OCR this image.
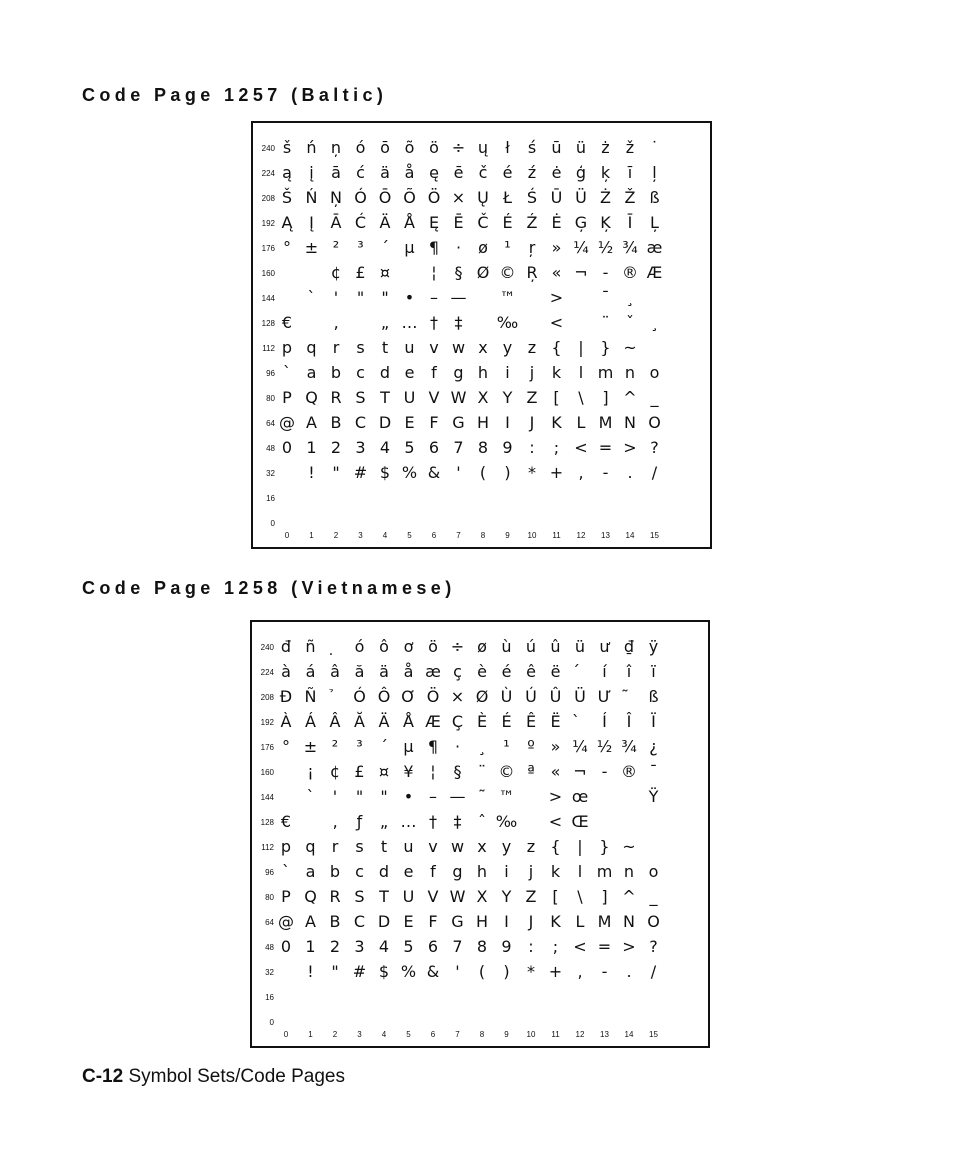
Code Page 1257 (Baltic)
240 š ń ņ ó ō õ ö ÷ ų	ł	ś ū ü ż	ž	˙
224 ą	į	ā ć ä å ę ē č é ź ė ģ ķ	ī	ļ
208 Š Ń Ņ Ó Ō Õ Ö × Ų Ł Ś Ū Ü Ż Ž ß
192 Ą	Į	Ā Ć Ä Å Ę Ē Č É Ź Ė Ģ Ķ	Ī	Ļ
176 ° ± ²	³	´ µ ¶	·	ø	¹	ŗ	» ¼ ½ ¾ æ
160	¢ £ ¤	¦	§ Ø © Ŗ « ¬ - ® Æ
144	`	'	"	"	• – — ™	>	¯	¸
128 €	‚	„ … †	‡	‰	<	¨	ˇ	¸
112 p q	r	s	t	u v w x y z {	|	} ~
96 ` a b c d e	f	g h	i	j	k	l m n o
80 P Q R S T U V W X Y Z [	\	] ^ _
64 @ A B C D E F G H	I	J	K L M N O
48 0 1 2 3 4 5 6 7 8 9	:	; < = > ?
32	!	" # $ % &	'	(	)	* + ,	-	.	/
16
0
0	1	2	3	4	5	6	7	8	9	10	11	12	13	14	15
Code Page 1258 (Vietnamese)
240 đ ñ	ó ô ơ ö ÷ ø ù ú û ü ư ₫ ÿ
224 à á â ă ä å æ ç è é ê ë	í	î	ï
208 Đ Ñ	Ó Ô Ơ Ö × Ø Ù Ú Û Ü Ư	ß
192 À Á Â Ă Ä Å Æ Ç È É Ê Ë	Í	Î	Ï
176 ° ± ²	³	´ µ ¶	·	¸	¹	º » ¼ ½ ¾ ¿
160	¡	¢ £ ¤ ¥	¦	§	¨ © ª « ¬ - ® ¯
144	`	'	"	"	• – — ˜ ™	> œ	Ÿ
128 €	‚	ƒ	„ … †	‡	ˆ ‰	< Œ
112 p q	r	s	t	u v w x y z {	|	} ~
96 ` a b c d e	f	g h	i	j	k	l m n o
80 P Q R S T U V W X Y Z [	\	] ^ _
64 @ A B C D E F G H	I	J	K L M N O
48 0 1 2 3 4 5 6 7 8 9	:	; < = > ?
32	!	" # $ % &	'	(	)	* + ,	-	.	/
16
0
0	1	2	3	4	5	6	7	8	9	10	11	12	13	14	15
C-12 Symbol Sets/Code Pages
